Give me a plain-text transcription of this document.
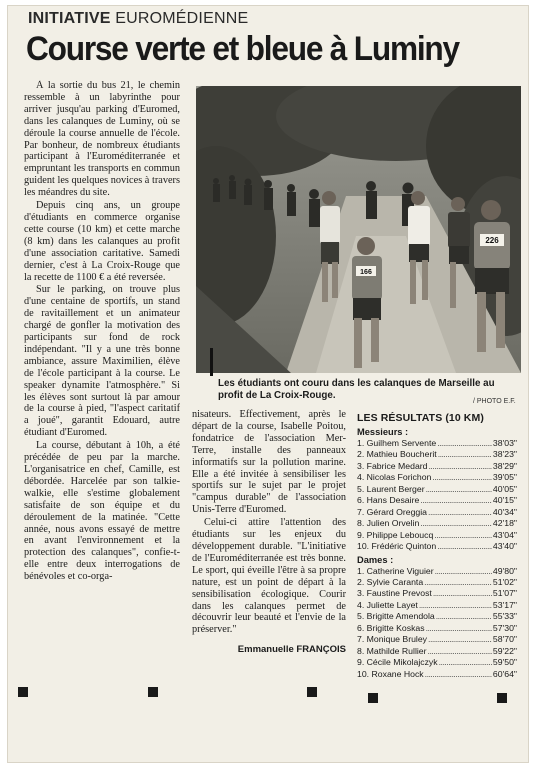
INITIATIVE EUROMÉDIENNE
Course verte et bleue à Luminy

À la sortie du bus 21, le chemin ressemble à un labyrinthe pour arriver jusqu'au parking d'Euromed, dans les calanques de Luminy, où se déroule la course annuelle de l'école. Par bonheur, de nombreux étudiants participant à l'Euroméditerranée et empruntant les transports en commun guident les quelques novices à travers les méandres du site.

Depuis cinq ans, un groupe d'étudiants en commerce organise cette course (10 km) et cette marche (8 km) dans les calanques au profit d'une association caritative. Samedi dernier, c'est à La Croix-Rouge que la recette de 1100 € a été reversée.

Sur le parking, on trouve plus d'une centaine de sportifs, un stand de ravitaillement et un animateur chargé de gonfler la motivation des participants sur fond de rock indépendant. "Il y a une très bonne ambiance, assure Maximilien, élève de l'école participant à la course. Le speaker dynamite l'atmosphère." Si les élèves sont surtout là par amour de la course à pied, "l'aspect caritatif a joué", garantit Edouard, autre étudiant d'Euromed.

La course, débutant à 10h, a été précédée de peu par la marche. L'organisatrice en chef, Camille, est débordée. Harcelée par son talkie-walkie, elle s'estime globalement satisfaite de son équipe et du déroulement de la matinée. "Cette année, nous avons essayé de mettre en avant l'environnement et la protection des calanques", confie-t-elle entre deux interrogations de bénévoles et co-orga-

166
226
Les étudiants ont couru dans les calanques de Marseille au profit de La Croix-Rouge.
/ PHOTO E.F.

nisateurs. Effectivement, après le départ de la course, Isabelle Poitou, fondatrice de l'association Mer-Terre, installe des panneaux informatifs sur la pollution marine. Elle a été invitée à sensibiliser les sportifs sur le sujet par le projet "campus durable" de l'association Unis-Terre d'Euromed.

Celui-ci attire l'attention des étudiants sur les enjeux du développement durable. "L'initiative de l'Euroméditerranée est très bonne. Le sport, qui éveille l'être à sa propre nature, est un point de départ à la sensibilisation écologique. Courir dans les calanques permet de découvrir leur beauté et l'envie de la préserver."

Emmanuelle FRANÇOIS

LES RÉSULTATS (10 KM)
Messieurs :
1. Guilhem Servente .....	38'03"
2. Mathieu Boucherit .....	38'23"
3. Fabrice Medard .....	38'29"
4. Nicolas Forichon .....	39'05"
5. Laurent Berger .....	40'05"
6. Hans Desaire .....	40'15"
7. Gérard Oreggia .....	40'34"
8. Julien Orvelin .....	42'18"
9. Philippe Leboucq .....	43'04"
10. Frédéric Quinton .....	43'40"
Dames :
1. Catherine Viguier .....	49'80"
2. Sylvie Caranta .....	51'02"
3. Faustine Prevost .....	51'07"
4. Juliette Layet .....	53'17"
5. Brigitte Amendola .....	55'33"
6. Brigitte Koskas .....	57'30"
7. Monique Bruley .....	58'70"
8. Mathilde Rullier .....	59'22"
9. Cécile Mikolajczyk .....	59'50"
10. Roxane Hock .....	60'64"
